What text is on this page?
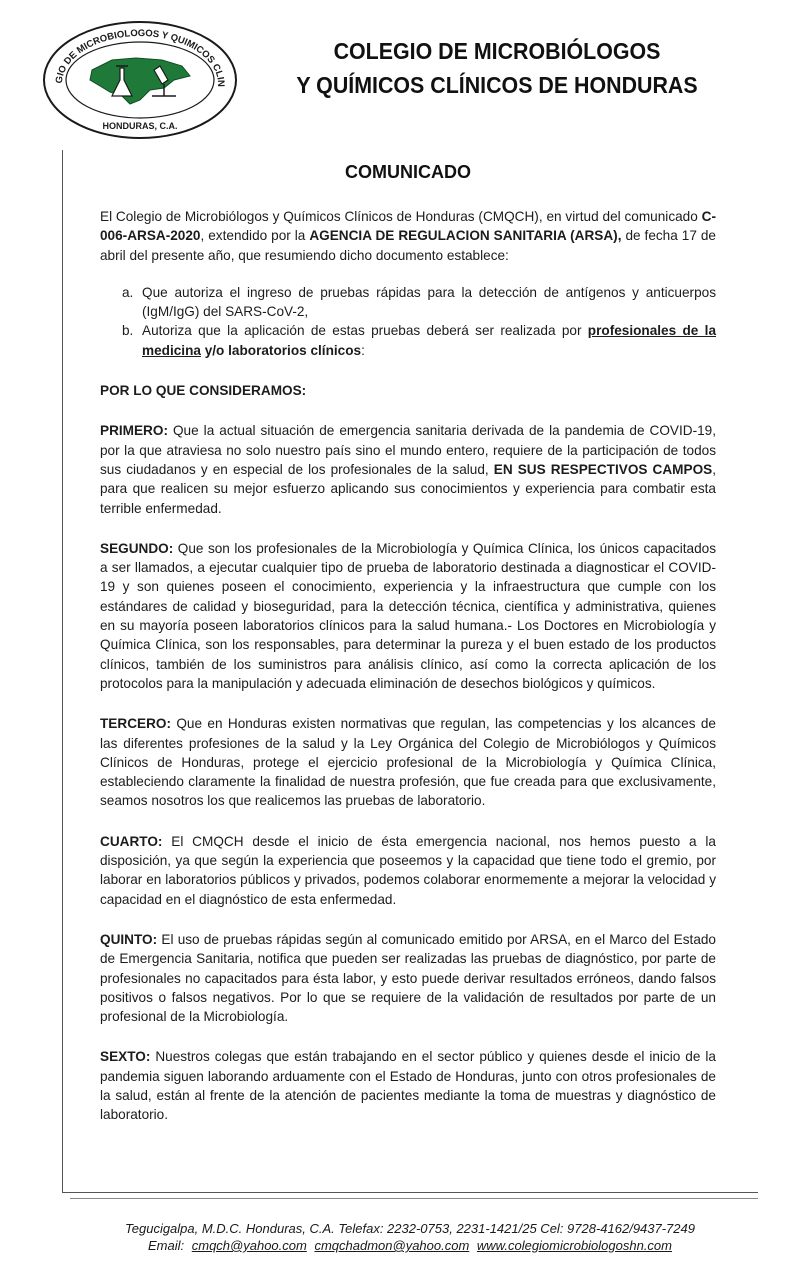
GIO DE MICROBIOLOGOS Y QUIMICOS CLIN
HONDURAS, C.A.
COLEGIO DE MICROBIÓLOGOS
Y QUÍMICOS CLÍNICOS DE HONDURAS
COMUNICADO

El Colegio de Microbiólogos y Químicos Clínicos de Honduras (CMQCH), en virtud del comunicado C-006-ARSA-2020, extendido por la AGENCIA DE REGULACION SANITARIA (ARSA), de fecha 17 de abril del presente año, que resumiendo dicho documento establece:

a. Que autoriza el ingreso de pruebas rápidas para la detección de antígenos y anticuerpos (IgM/IgG) del SARS-CoV-2,
b. Autoriza que la aplicación de estas pruebas deberá ser realizada por profesionales de la medicina y/o laboratorios clínicos:

POR LO QUE CONSIDERAMOS:

PRIMERO: Que la actual situación de emergencia sanitaria derivada de la pandemia de COVID-19, por la que atraviesa no solo nuestro país sino el mundo entero, requiere de la participación de todos sus ciudadanos y en especial de los profesionales de la salud, EN SUS RESPECTIVOS CAMPOS, para que realicen su mejor esfuerzo aplicando sus conocimientos y experiencia para combatir esta terrible enfermedad.

SEGUNDO: Que son los profesionales de la Microbiología y Química Clínica, los únicos capacitados a ser llamados, a ejecutar cualquier tipo de prueba de laboratorio destinada a diagnosticar el COVID-19 y son quienes poseen el conocimiento, experiencia y la infraestructura que cumple con los estándares de calidad y bioseguridad, para la detección técnica, científica y administrativa, quienes en su mayoría poseen laboratorios clínicos para la salud humana.- Los Doctores en Microbiología y Química Clínica, son los responsables, para determinar la pureza y el buen estado de los productos clínicos, también de los suministros para análisis clínico, así como la correcta aplicación de los protocolos para la manipulación y adecuada eliminación de desechos biológicos y químicos.

TERCERO: Que en Honduras existen normativas que regulan, las competencias y los alcances de las diferentes profesiones de la salud y la Ley Orgánica del Colegio de Microbiólogos y Químicos Clínicos de Honduras, protege el ejercicio profesional de la Microbiología y Química Clínica, estableciendo claramente la finalidad de nuestra profesión, que fue creada para que exclusivamente, seamos nosotros los que realicemos las pruebas de laboratorio.

CUARTO: El CMQCH desde el inicio de ésta emergencia nacional, nos hemos puesto a la disposición, ya que según la experiencia que poseemos y la capacidad que tiene todo el gremio, por laborar en laboratorios públicos y privados, podemos colaborar enormemente a mejorar la velocidad y capacidad en el diagnóstico de esta enfermedad.

QUINTO: El uso de pruebas rápidas según al comunicado emitido por ARSA, en el Marco del Estado de Emergencia Sanitaria, notifica que pueden ser realizadas las pruebas de diagnóstico, por parte de profesionales no capacitados para ésta labor, y esto puede derivar resultados erróneos, dando falsos positivos o falsos negativos. Por lo que se requiere de la validación de resultados por parte de un profesional de la Microbiología.

SEXTO: Nuestros colegas que están trabajando en el sector público y quienes desde el inicio de la pandemia siguen laborando arduamente con el Estado de Honduras, junto con otros profesionales de la salud, están al frente de la atención de pacientes mediante la toma de muestras y diagnóstico de laboratorio.

Tegucigalpa, M.D.C. Honduras, C.A. Telefax: 2232-0753, 2231-1421/25 Cel: 9728-4162/9437-7249
Email: cmqch@yahoo.com cmqchadmon@yahoo.com www.colegiomicrobiologoshn.com
